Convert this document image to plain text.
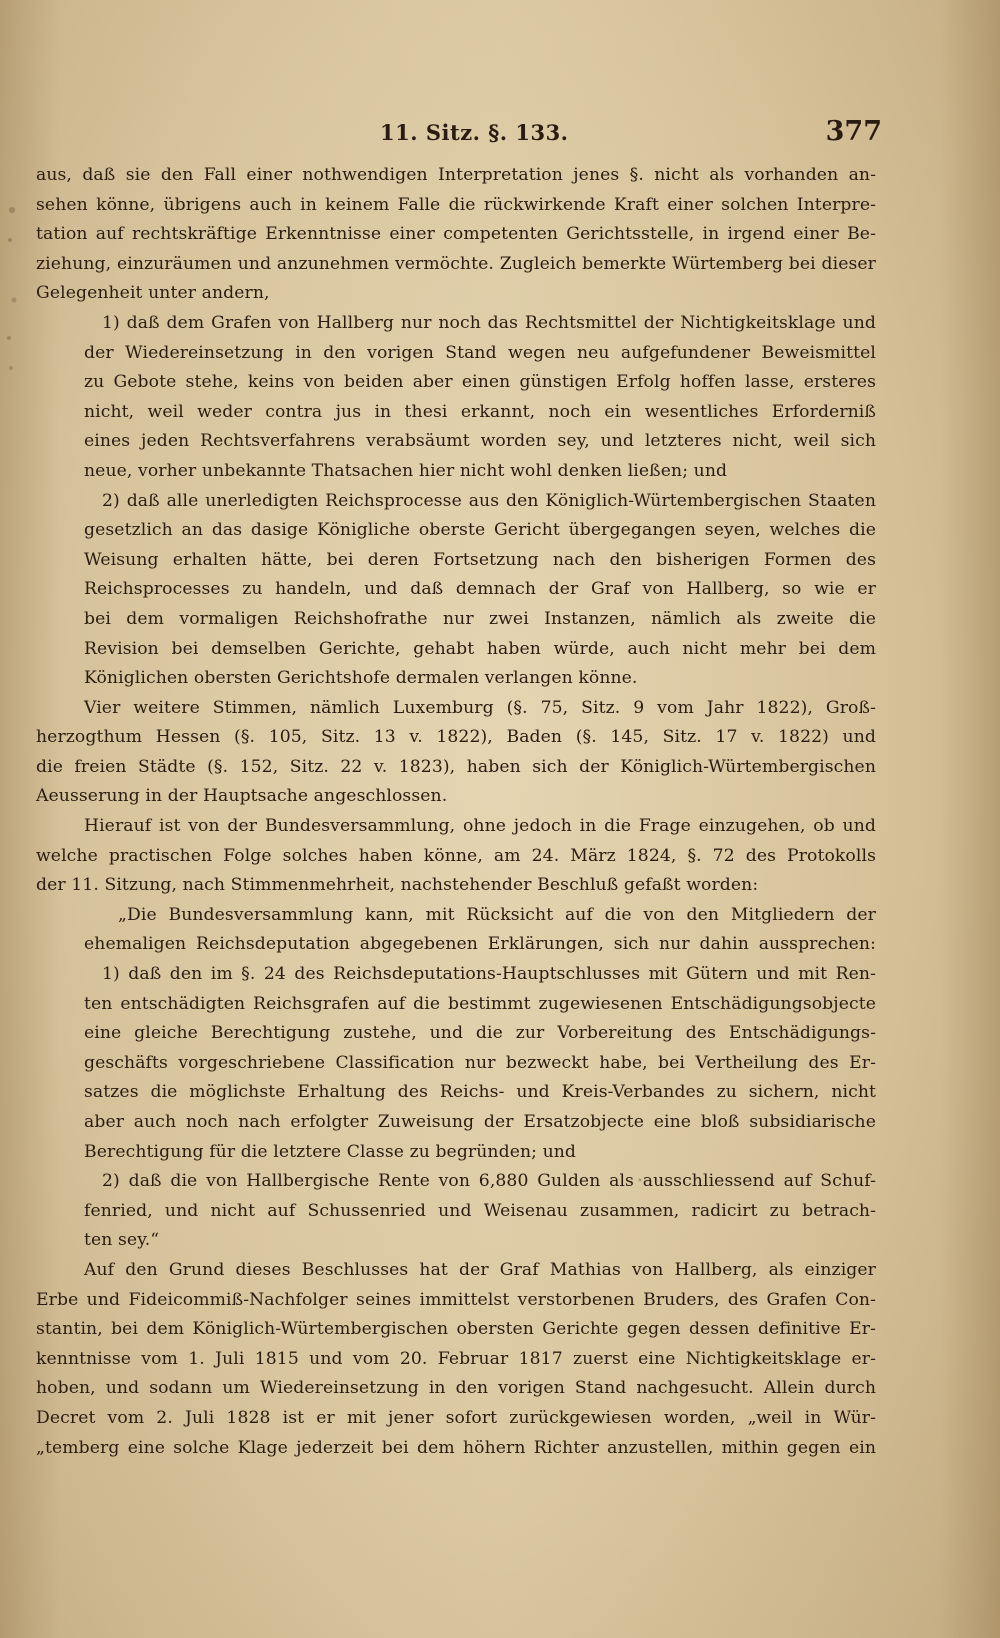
11. Sitz. §. 133.	377
aus, daß sie den Fall einer nothwendigen Interpretation jenes §. nicht als vorhanden an-
sehen könne, übrigens auch in keinem Falle die rückwirkende Kraft einer solchen Interpre-
tation auf rechtskräftige Erkenntnisse einer competenten Gerichtsstelle, in irgend einer Be-
ziehung, einzuräumen und anzunehmen vermöchte. Zugleich bemerkte Würtemberg bei dieser
Gelegenheit unter andern,
1) daß dem Grafen von Hallberg nur noch das Rechtsmittel der Nichtigkeitsklage und
der Wiedereinsetzung in den vorigen Stand wegen neu aufgefundener Beweismittel
zu Gebote stehe, keins von beiden aber einen günstigen Erfolg hoffen lasse, ersteres
nicht, weil weder contra jus in thesi erkannt, noch ein wesentliches Erforderniß
eines jeden Rechtsverfahrens verabsäumt worden sey, und letzteres nicht, weil sich
neue, vorher unbekannte Thatsachen hier nicht wohl denken ließen; und
2) daß alle unerledigten Reichsprocesse aus den Königlich-Würtembergischen Staaten
gesetzlich an das dasige Königliche oberste Gericht übergegangen seyen, welches die
Weisung erhalten hätte, bei deren Fortsetzung nach den bisherigen Formen des
Reichsprocesses zu handeln, und daß demnach der Graf von Hallberg, so wie er
bei dem vormaligen Reichshofrathe nur zwei Instanzen, nämlich als zweite die
Revision bei demselben Gerichte, gehabt haben würde, auch nicht mehr bei dem
Königlichen obersten Gerichtshofe dermalen verlangen könne.
Vier weitere Stimmen, nämlich Luxemburg (§. 75, Sitz. 9 vom Jahr 1822), Groß-
herzogthum Hessen (§. 105, Sitz. 13 v. 1822), Baden (§. 145, Sitz. 17 v. 1822) und
die freien Städte (§. 152, Sitz. 22 v. 1823), haben sich der Königlich-Würtembergischen
Aeusserung in der Hauptsache angeschlossen.
Hierauf ist von der Bundesversammlung, ohne jedoch in die Frage einzugehen, ob und
welche practischen Folge solches haben könne, am 24. März 1824, §. 72 des Protokolls
der 11. Sitzung, nach Stimmenmehrheit, nachstehender Beschluß gefaßt worden:
„Die Bundesversammlung kann, mit Rücksicht auf die von den Mitgliedern der
ehemaligen Reichsdeputation abgegebenen Erklärungen, sich nur dahin aussprechen:
1) daß den im §. 24 des Reichsdeputations-Hauptschlusses mit Gütern und mit Ren-
ten entschädigten Reichsgrafen auf die bestimmt zugewiesenen Entschädigungsobjecte
eine gleiche Berechtigung zustehe, und die zur Vorbereitung des Entschädigungs-
geschäfts vorgeschriebene Classification nur bezweckt habe, bei Vertheilung des Er-
satzes die möglichste Erhaltung des Reichs- und Kreis-Verbandes zu sichern, nicht
aber auch noch nach erfolgter Zuweisung der Ersatzobjecte eine bloß subsidiarische
Berechtigung für die letztere Classe zu begründen; und
2) daß die von Hallbergische Rente von 6,880 Gulden als ausschliessend auf Schuf-
fenried, und nicht auf Schussenried und Weisenau zusammen, radicirt zu betrach-
ten sey.“
Auf den Grund dieses Beschlusses hat der Graf Mathias von Hallberg, als einziger
Erbe und Fideicommiß-Nachfolger seines immittelst verstorbenen Bruders, des Grafen Con-
stantin, bei dem Königlich-Würtembergischen obersten Gerichte gegen dessen definitive Er-
kenntnisse vom 1. Juli 1815 und vom 20. Februar 1817 zuerst eine Nichtigkeitsklage er-
hoben, und sodann um Wiedereinsetzung in den vorigen Stand nachgesucht. Allein durch
Decret vom 2. Juli 1828 ist er mit jener sofort zurückgewiesen worden, „weil in Wür-
„temberg eine solche Klage jederzeit bei dem höhern Richter anzustellen, mithin gegen ein
